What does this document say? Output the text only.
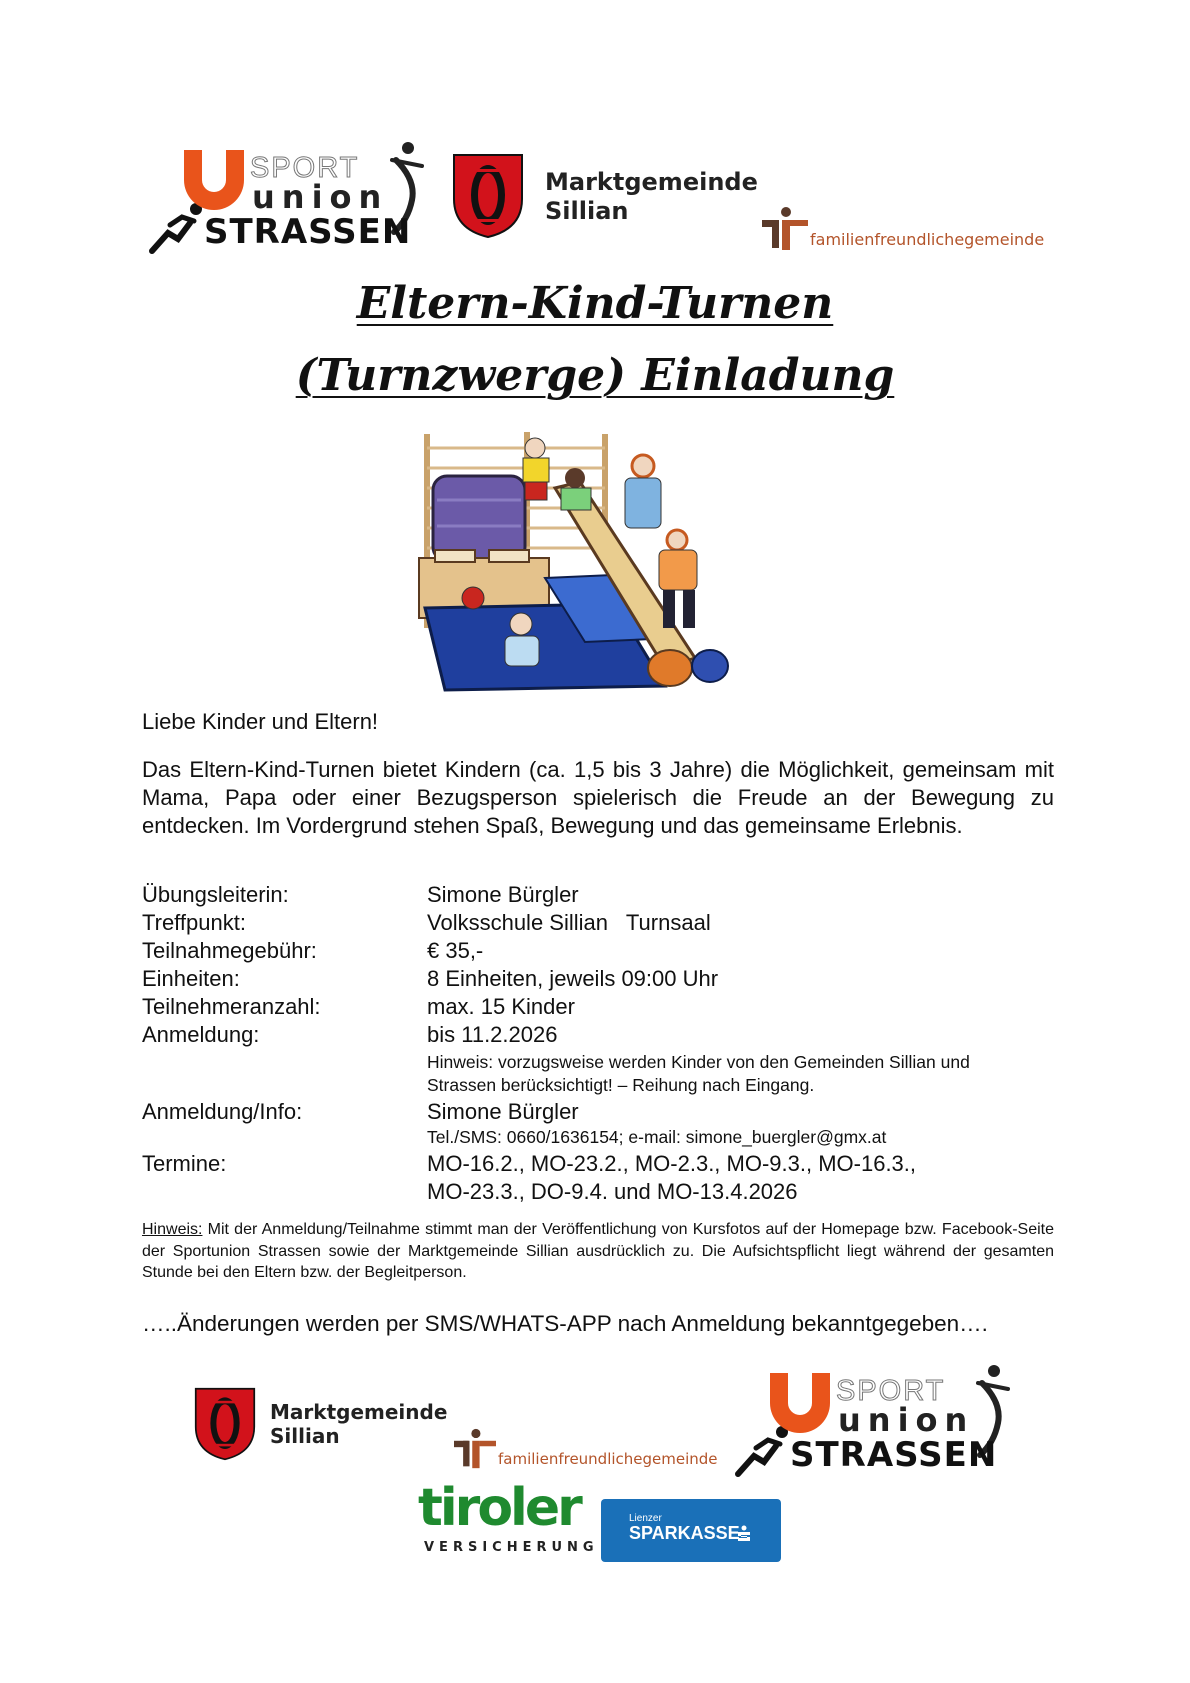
SPORT
union
STRASSEN
Marktgemeinde
Sillian
familienfreundlichegemeinde
Eltern-Kind-Turnen
(Turnzwerge) Einladung
Liebe Kinder und Eltern!
Das Eltern-Kind-Turnen bietet Kindern (ca. 1,5 bis 3 Jahre) die Möglichkeit, gemeinsam mit Mama, Papa oder einer Bezugsperson spielerisch die Freude an der Bewegung zu entdecken. Im Vordergrund stehen Spaß, Bewegung und das gemeinsame Erlebnis.
Übungsleiterin:	Simone Bürgler
Treffpunkt:	Volksschule Sillian   Turnsaal
Teilnahmegebühr:	€ 35,-
Einheiten:	8 Einheiten, jeweils 09:00 Uhr
Teilnehmeranzahl:	max. 15 Kinder
Anmeldung:	bis 11.2.2026
Hinweis: vorzugsweise werden Kinder von den Gemeinden Sillian und
Strassen berücksichtigt! – Reihung nach Eingang.
Anmeldung/Info:	Simone Bürgler
Tel./SMS: 0660/1636154; e-mail: simone_buergler@gmx.at
Termine:	MO-16.2., MO-23.2., MO-2.3., MO-9.3., MO-16.3.,
MO-23.3., DO-9.4. und MO-13.4.2026
Hinweis: Mit der Anmeldung/Teilnahme stimmt man der Veröffentlichung von Kursfotos auf der Homepage bzw. Facebook-Seite der Sportunion Strassen sowie der Marktgemeinde Sillian ausdrücklich zu. Die Aufsichtspflicht liegt während der gesamten Stunde bei den Eltern bzw. der Begleitperson.
…..Änderungen werden per SMS/WHATS-APP nach Anmeldung bekanntgegeben….
Marktgemeinde
Sillian
familienfreundlichegemeinde
SPORT
union
STRASSEN
tiroler
VERSICHERUNG
Lienzer
SPARKASSE
